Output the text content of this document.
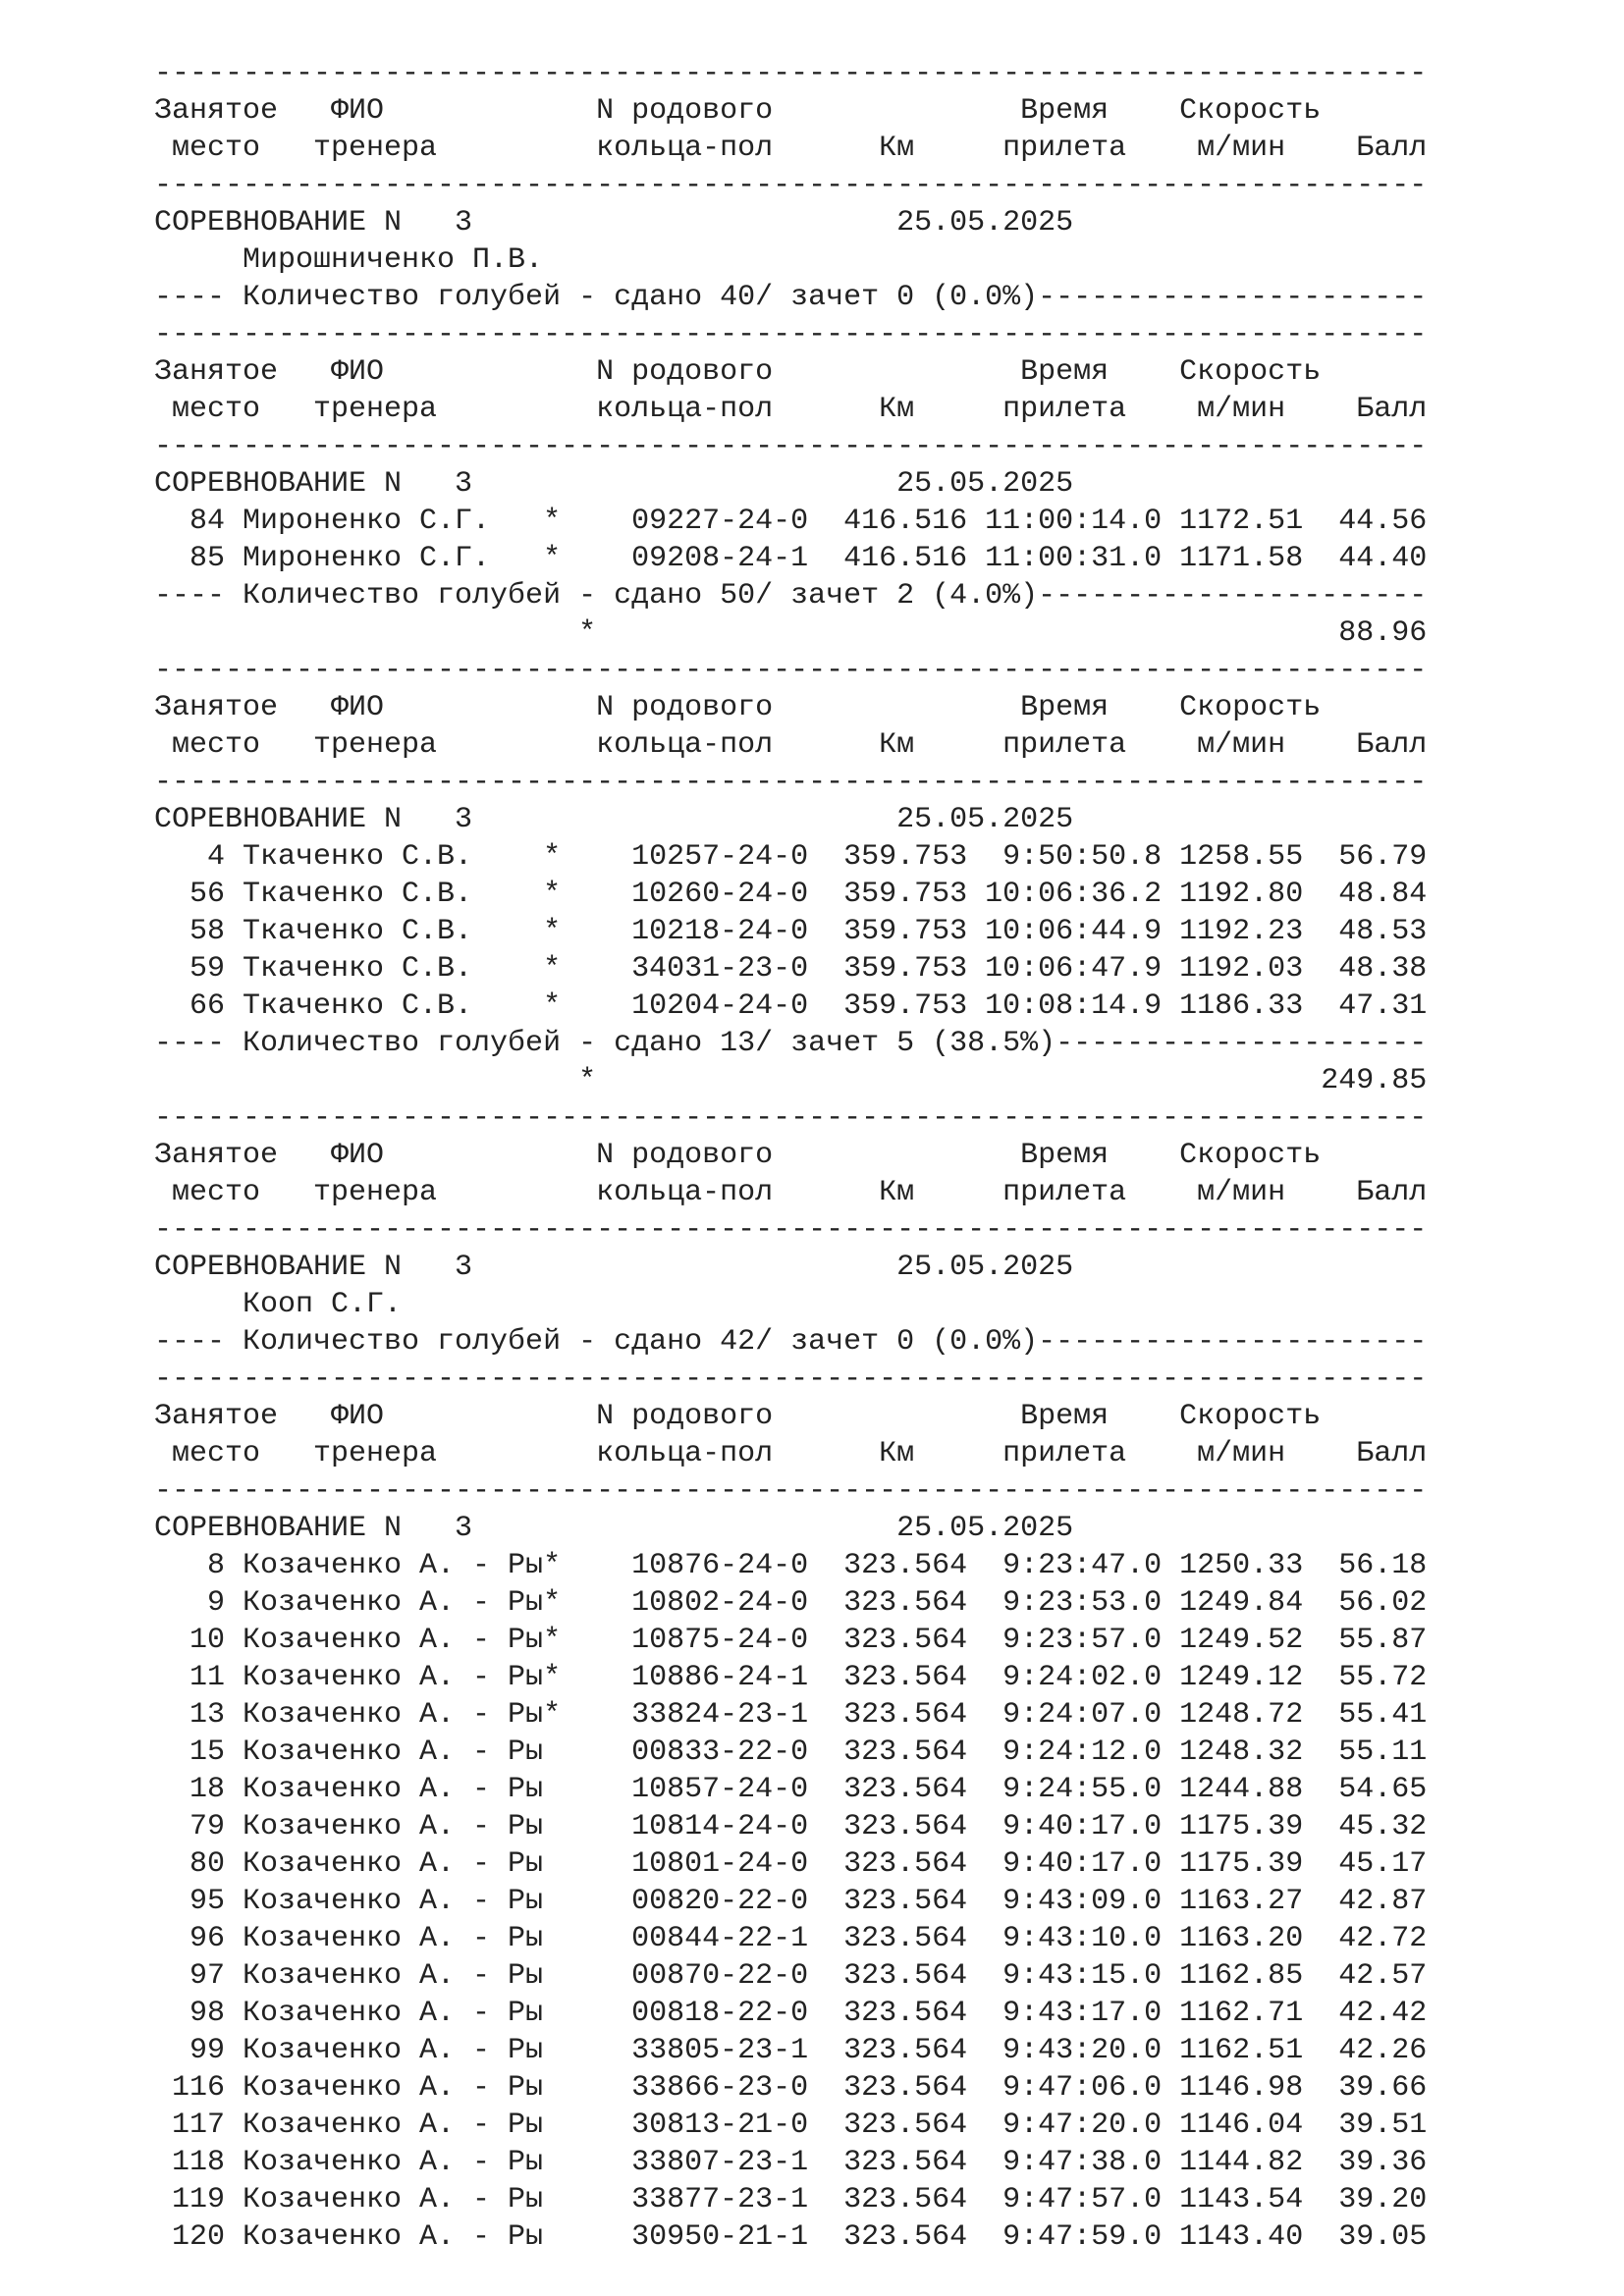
------------------------------------------------------------------------
Занятое   ФИО            N родового              Время    Скорость
место   тренера         кольца-пол      Км     прилета    м/мин    Балл
------------------------------------------------------------------------
СОРЕВНОВАНИЕ N   3                        25.05.2025
Мирошниченко П.В.
---- Количество голубей - сдано 40/ зачет 0 (0.0%)----------------------
------------------------------------------------------------------------
Занятое   ФИО            N родового              Время    Скорость
место   тренера         кольца-пол      Км     прилета    м/мин    Балл
------------------------------------------------------------------------
СОРЕВНОВАНИЕ N   3                        25.05.2025
84 Мироненко С.Г.   *    09227-24-0  416.516 11:00:14.0 1172.51  44.56
85 Мироненко С.Г.   *    09208-24-1  416.516 11:00:31.0 1171.58  44.40
---- Количество голубей - сдано 50/ зачет 2 (4.0%)----------------------
*                                          88.96
------------------------------------------------------------------------
Занятое   ФИО            N родового              Время    Скорость
место   тренера         кольца-пол      Км     прилета    м/мин    Балл
------------------------------------------------------------------------
СОРЕВНОВАНИЕ N   3                        25.05.2025
4 Ткаченко С.В.    *    10257-24-0  359.753  9:50:50.8 1258.55  56.79
56 Ткаченко С.В.    *    10260-24-0  359.753 10:06:36.2 1192.80  48.84
58 Ткаченко С.В.    *    10218-24-0  359.753 10:06:44.9 1192.23  48.53
59 Ткаченко С.В.    *    34031-23-0  359.753 10:06:47.9 1192.03  48.38
66 Ткаченко С.В.    *    10204-24-0  359.753 10:08:14.9 1186.33  47.31
---- Количество голубей - сдано 13/ зачет 5 (38.5%)---------------------
*                                         249.85
------------------------------------------------------------------------
Занятое   ФИО            N родового              Время    Скорость
место   тренера         кольца-пол      Км     прилета    м/мин    Балл
------------------------------------------------------------------------
СОРЕВНОВАНИЕ N   3                        25.05.2025
Кооп С.Г.
---- Количество голубей - сдано 42/ зачет 0 (0.0%)----------------------
------------------------------------------------------------------------
Занятое   ФИО            N родового              Время    Скорость
место   тренера         кольца-пол      Км     прилета    м/мин    Балл
------------------------------------------------------------------------
СОРЕВНОВАНИЕ N   3                        25.05.2025
8 Козаченко А. - Ры*    10876-24-0  323.564  9:23:47.0 1250.33  56.18
9 Козаченко А. - Ры*    10802-24-0  323.564  9:23:53.0 1249.84  56.02
10 Козаченко А. - Ры*    10875-24-0  323.564  9:23:57.0 1249.52  55.87
11 Козаченко А. - Ры*    10886-24-1  323.564  9:24:02.0 1249.12  55.72
13 Козаченко А. - Ры*    33824-23-1  323.564  9:24:07.0 1248.72  55.41
15 Козаченко А. - Ры     00833-22-0  323.564  9:24:12.0 1248.32  55.11
18 Козаченко А. - Ры     10857-24-0  323.564  9:24:55.0 1244.88  54.65
79 Козаченко А. - Ры     10814-24-0  323.564  9:40:17.0 1175.39  45.32
80 Козаченко А. - Ры     10801-24-0  323.564  9:40:17.0 1175.39  45.17
95 Козаченко А. - Ры     00820-22-0  323.564  9:43:09.0 1163.27  42.87
96 Козаченко А. - Ры     00844-22-1  323.564  9:43:10.0 1163.20  42.72
97 Козаченко А. - Ры     00870-22-0  323.564  9:43:15.0 1162.85  42.57
98 Козаченко А. - Ры     00818-22-0  323.564  9:43:17.0 1162.71  42.42
99 Козаченко А. - Ры     33805-23-1  323.564  9:43:20.0 1162.51  42.26
116 Козаченко А. - Ры     33866-23-0  323.564  9:47:06.0 1146.98  39.66
117 Козаченко А. - Ры     30813-21-0  323.564  9:47:20.0 1146.04  39.51
118 Козаченко А. - Ры     33807-23-1  323.564  9:47:38.0 1144.82  39.36
119 Козаченко А. - Ры     33877-23-1  323.564  9:47:57.0 1143.54  39.20
120 Козаченко А. - Ры     30950-21-1  323.564  9:47:59.0 1143.40  39.05
